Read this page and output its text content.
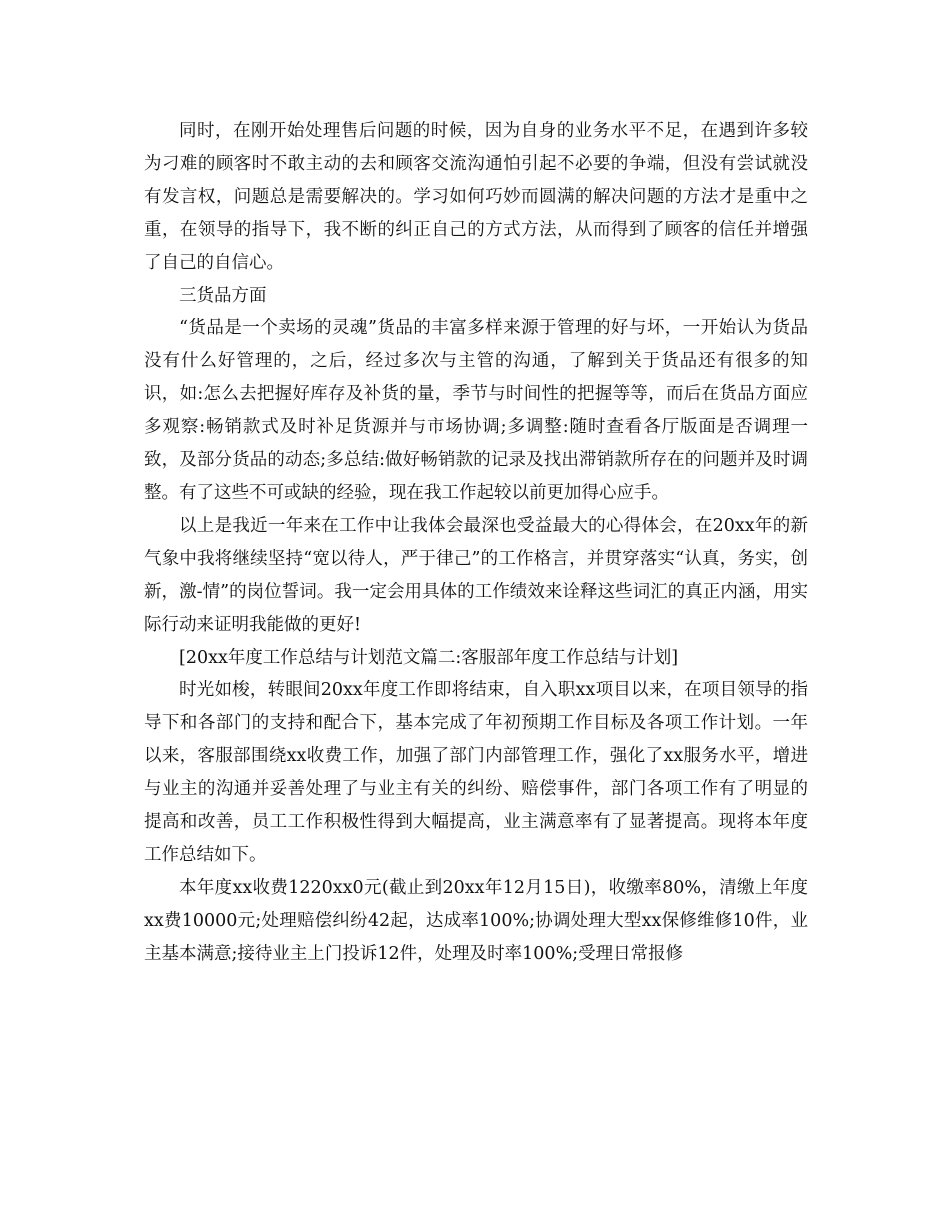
同时，在刚开始处理售后问题的时候，因为自身的业务水平不足，在遇到许多较为刁难的顾客时不敢主动的去和顾客交流沟通怕引起不必要的争端，但没有尝试就没有发言权，问题总是需要解决的。学习如何巧妙而圆满的解决问题的方法才是重中之重，在领导的指导下，我不断的纠正自己的方式方法，从而得到了顾客的信任并增强了自己的自信心。

三货品方面

“货品是一个卖场的灵魂”货品的丰富多样来源于管理的好与坏，一开始认为货品没有什么好管理的，之后，经过多次与主管的沟通，了解到关于货品还有很多的知识，如:怎么去把握好库存及补货的量，季节与时间性的把握等等，而后在货品方面应多观察:畅销款式及时补足货源并与市场协调;多调整:随时查看各厅版面是否调理一致，及部分货品的动态;多总结:做好畅销款的记录及找出滞销款所存在的问题并及时调整。有了这些不可或缺的经验，现在我工作起较以前更加得心应手。

以上是我近一年来在工作中让我体会最深也受益最大的心得体会，在20xx年的新气象中我将继续坚持“宽以待人，严于律己”的工作格言，并贯穿落实“认真，务实，创新，激-情”的岗位誓词。我一定会用具体的工作绩效来诠释这些词汇的真正内涵，用实际行动来证明我能做的更好!

[20xx年度工作总结与计划范文篇二:客服部年度工作总结与计划]

时光如梭，转眼间20xx年度工作即将结束，自入职xx项目以来，在项目领导的指导下和各部门的支持和配合下，基本完成了年初预期工作目标及各项工作计划。一年以来，客服部围绕xx收费工作，加强了部门内部管理工作，强化了xx服务水平，增进与业主的沟通并妥善处理了与业主有关的纠纷、赔偿事件，部门各项工作有了明显的提高和改善，员工工作积极性得到大幅提高，业主满意率有了显著提高。现将本年度工作总结如下。

本年度xx收费1220xx0元(截止到20xx年12月15日)，收缴率80%，清缴上年度xx费10000元;处理赔偿纠纷42起，达成率100%;协调处理大型xx保修维修10件，业主基本满意;接待业主上门投诉12件，处理及时率100%;受理日常报修
